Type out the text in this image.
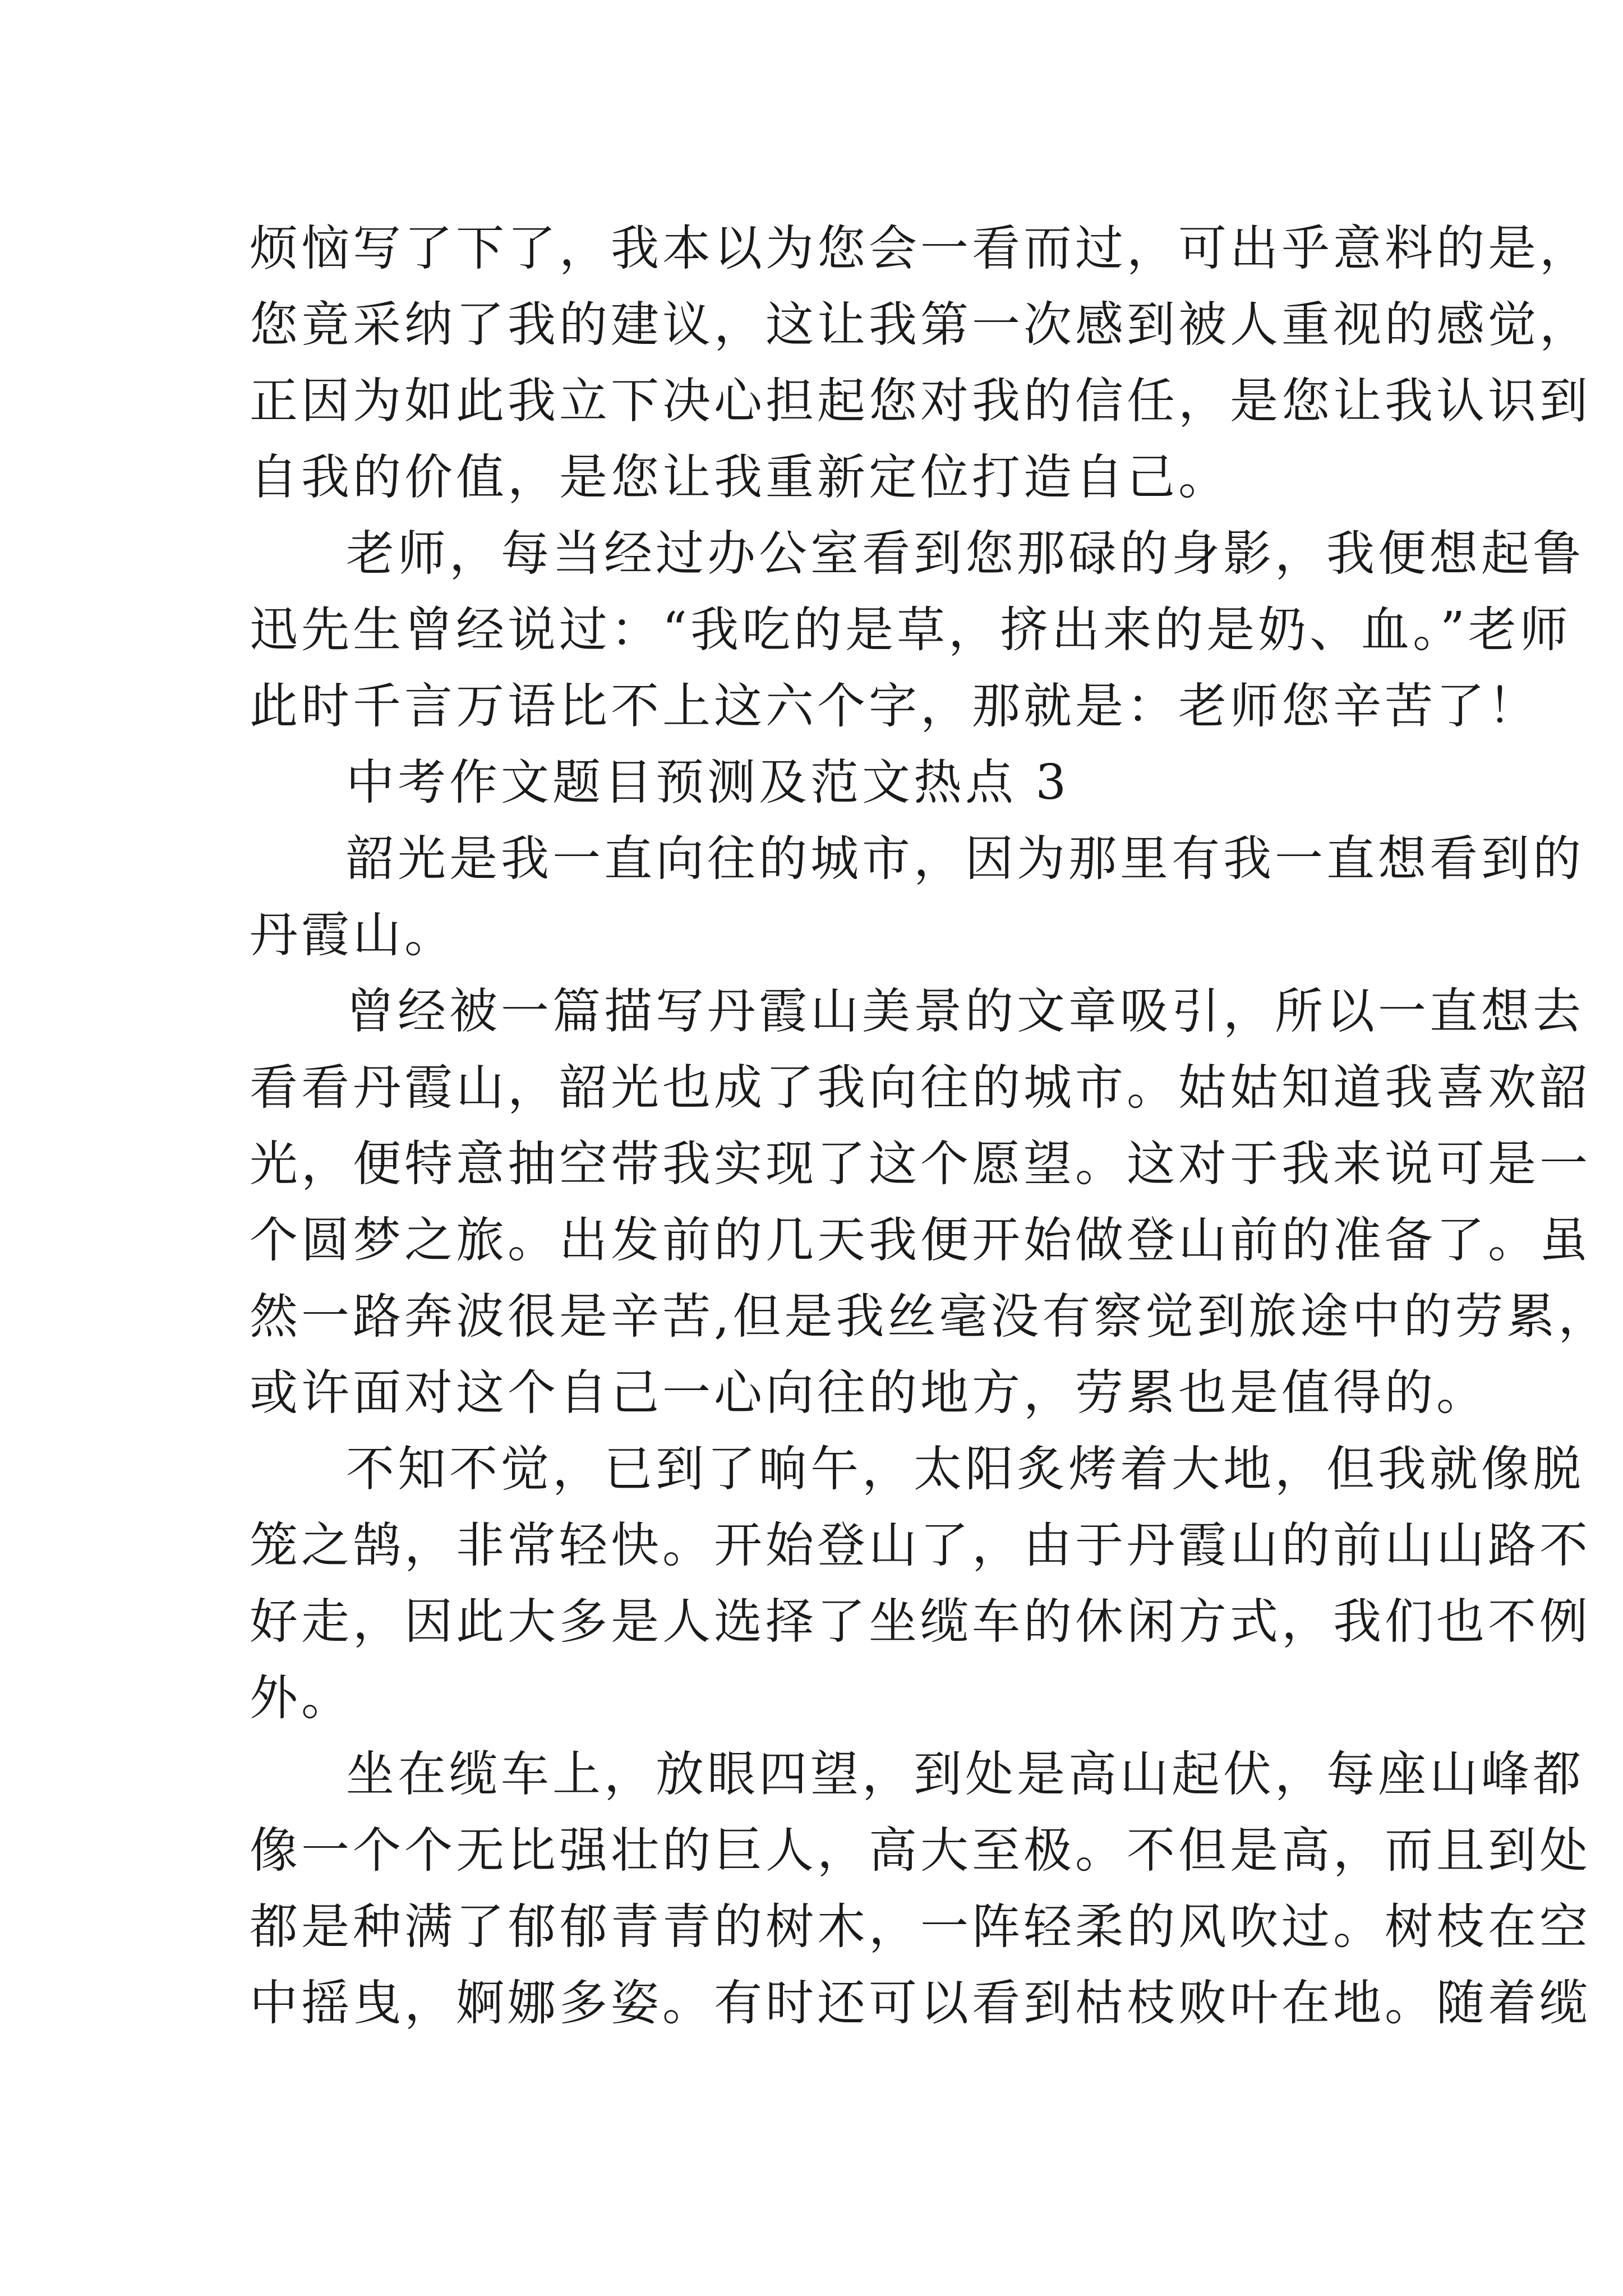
烦恼写了下了，我本以为您会一看而过，可出乎意料的是，
您竟采纳了我的建议，这让我第一次感到被人重视的感觉，
正因为如此我立下决心担起您对我的信任，是您让我认识到
自我的价值，是您让我重新定位打造自己。
老师，每当经过办公室看到您那碌的身影，我便想起鲁
迅先生曾经说过：“我吃的是草，挤出来的是奶、血。”老师
此时千言万语比不上这六个字，那就是：老师您辛苦了！
中考作文题目预测及范文热点 3
韶光是我一直向往的城市，因为那里有我一直想看到的
丹霞山。
曾经被一篇描写丹霞山美景的文章吸引，所以一直想去
看看丹霞山，韶光也成了我向往的城市。姑姑知道我喜欢韶
光，便特意抽空带我实现了这个愿望。这对于我来说可是一
个圆梦之旅。出发前的几天我便开始做登山前的准备了。虽
然一路奔波很是辛苦,但是我丝毫没有察觉到旅途中的劳累，
或许面对这个自己一心向往的地方，劳累也是值得的。
不知不觉，已到了晌午，太阳炙烤着大地，但我就像脱
笼之鹄，非常轻快。开始登山了，由于丹霞山的前山山路不
好走，因此大多是人选择了坐缆车的休闲方式，我们也不例
外。
坐在缆车上，放眼四望，到处是高山起伏，每座山峰都
像一个个无比强壮的巨人，高大至极。不但是高，而且到处
都是种满了郁郁青青的树木，一阵轻柔的风吹过。树枝在空
中摇曳，婀娜多姿。有时还可以看到枯枝败叶在地。随着缆
